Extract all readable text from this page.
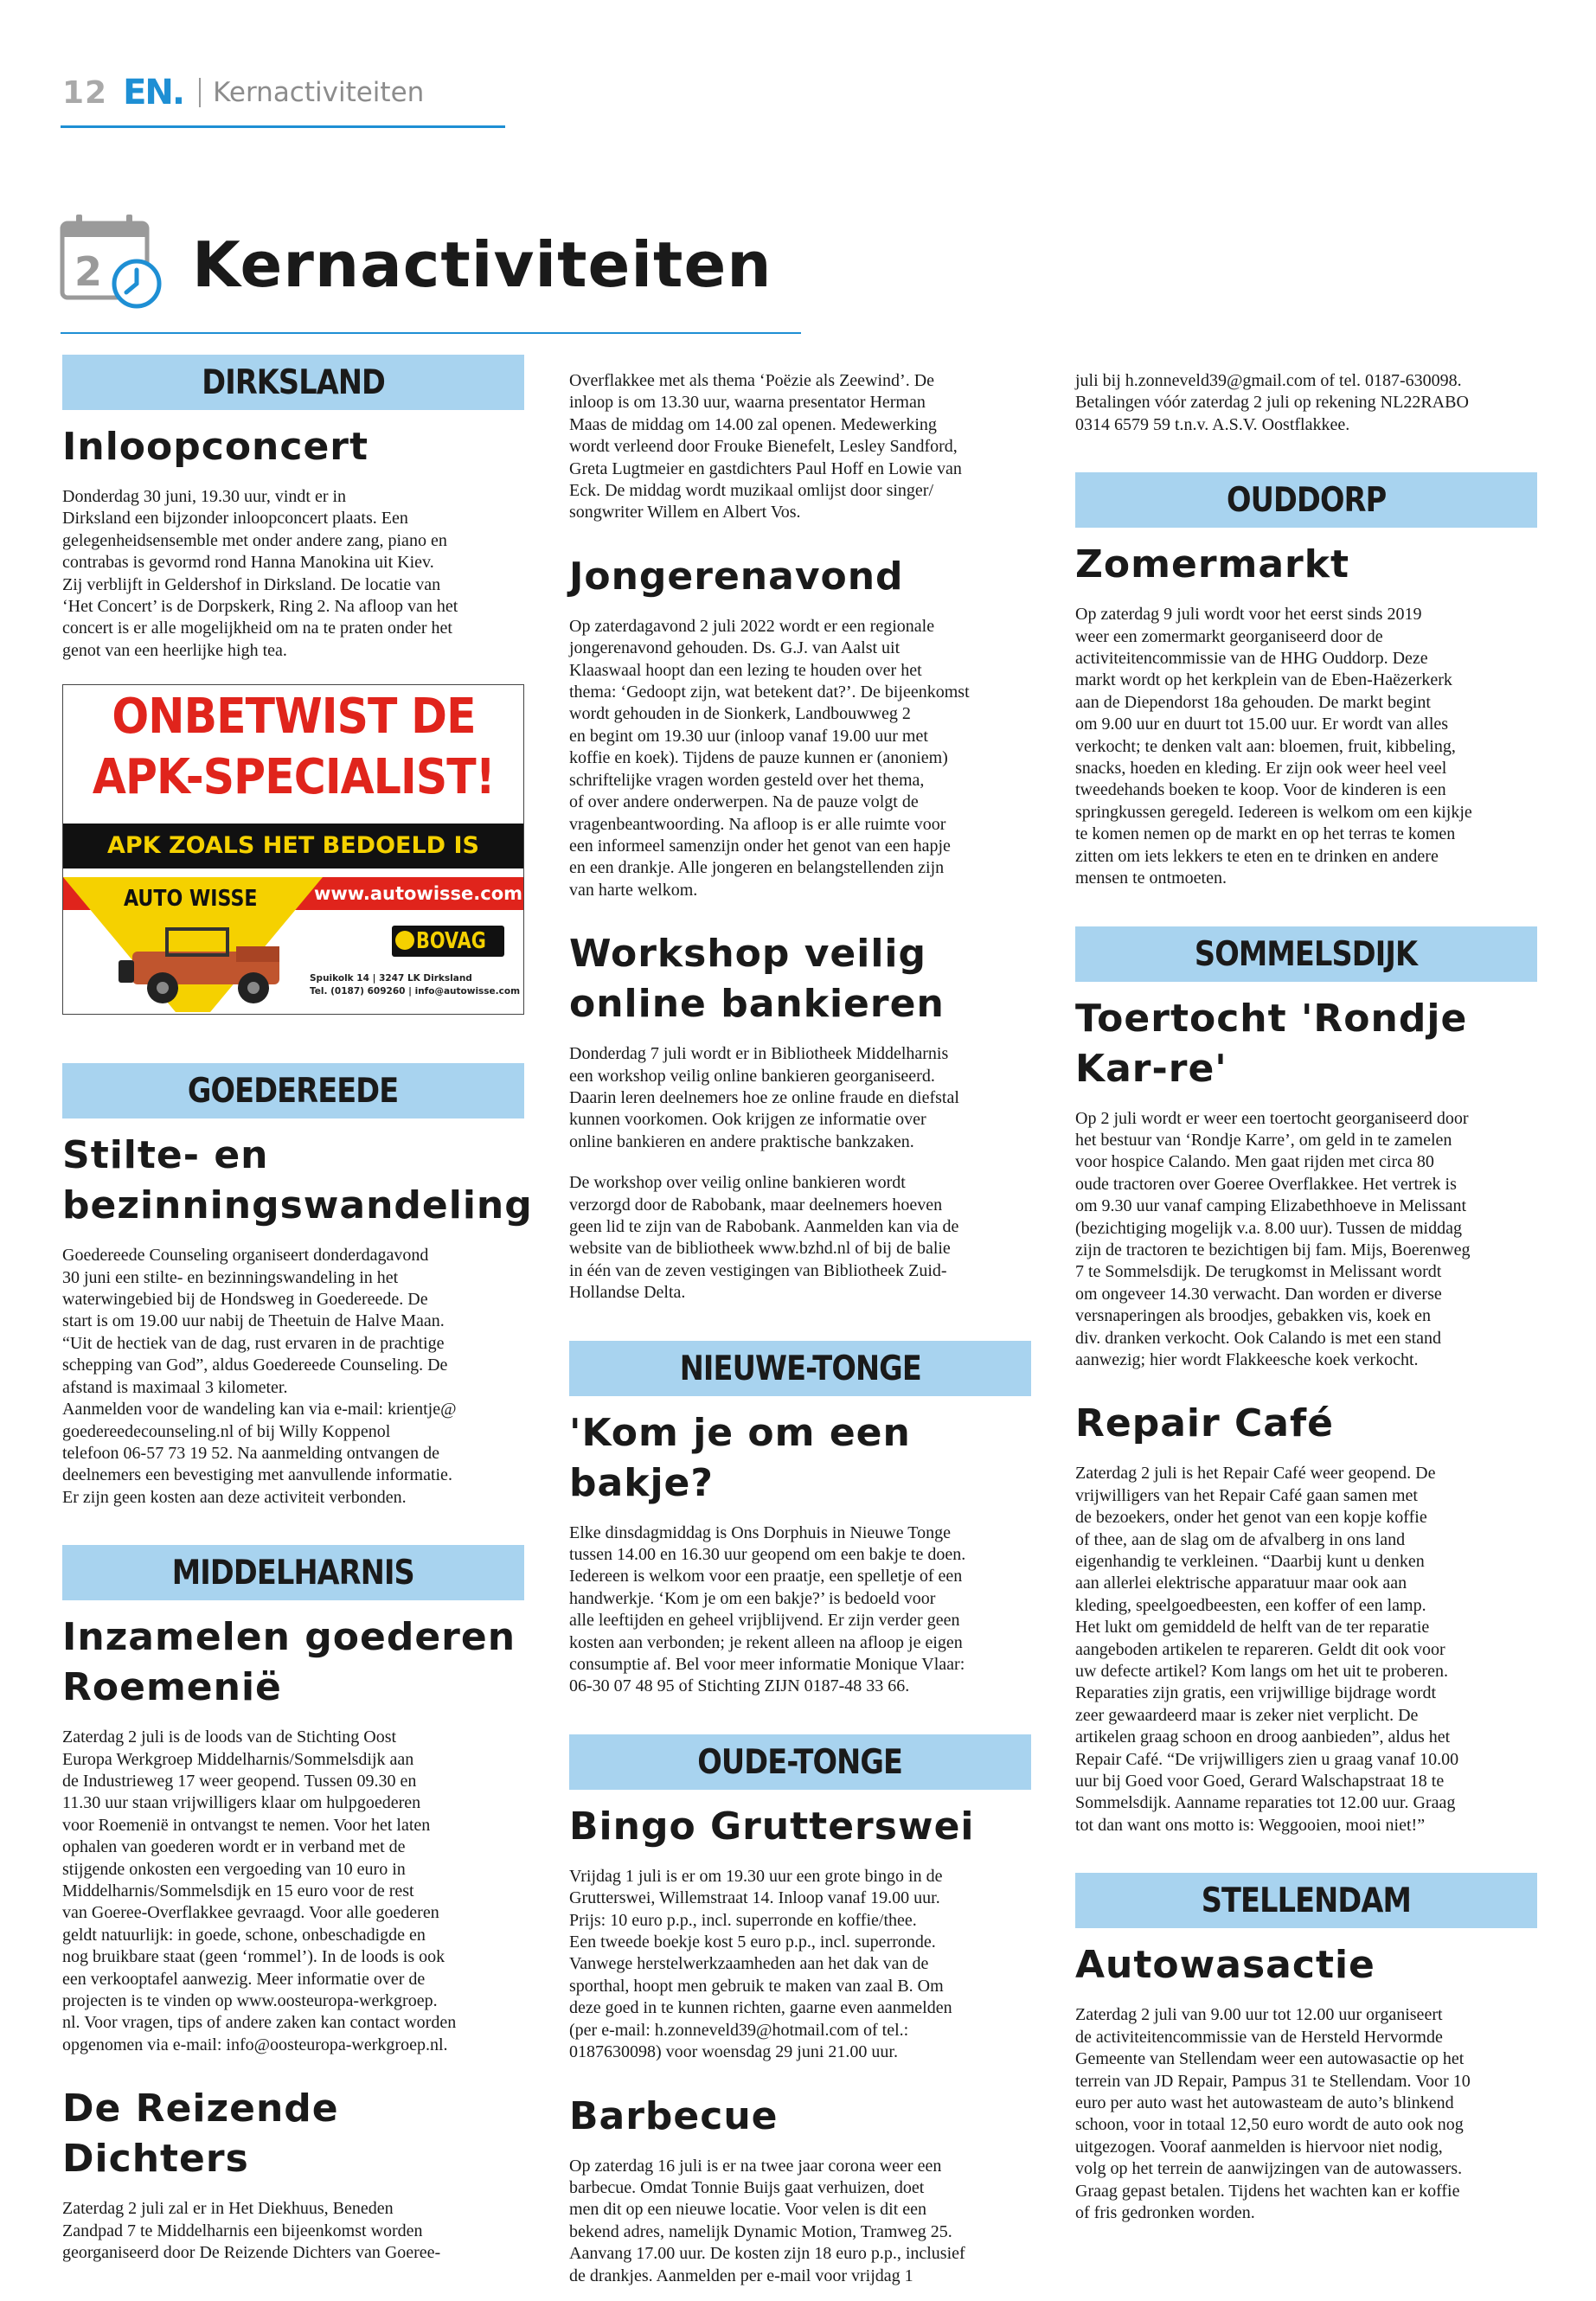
12 EN. Kernactiviteiten
2 Kernactiviteiten
DIRKSLAND
Inloopconcert

Donderdag 30 juni, 19.30 uur, vindt er in
Dirksland een bijzonder inloopconcert plaats. Een
gelegenheidsensemble met onder andere zang, piano en
contrabas is gevormd rond Hanna Manokina uit Kiev.
Zij verblijft in Geldershof in Dirksland. De locatie van
‘Het Concert’ is de Dorpskerk, Ring 2. Na afloop van het
concert is er alle mogelijkheid om na te praten onder het
genot van een heerlijke high tea.

ONBETWIST DE
APK-SPECIALIST!
APK ZOALS HET BEDOELD IS
AUTO WISSE	www.autowisse.com
BOVAG
Spuikolk 14 | 3247 LK Dirksland
Tel. (0187) 609260 | info@autowisse.com
GOEDEREEDE
Stilte- en bezinningswandeling

Goedereede Counseling organiseert donderdagavond
30 juni een stilte- en bezinningswandeling in het
waterwingebied bij de Hondsweg in Goedereede. De
start is om 19.00 uur nabij de Theetuin de Halve Maan.
“Uit de hectiek van de dag, rust ervaren in de prachtige
schepping van God”, aldus Goedereede Counseling. De
afstand is maximaal 3 kilometer.
Aanmelden voor de wandeling kan via e-mail: krientje@
goedereedecounseling.nl of bij Willy Koppenol
telefoon 06-57 73 19 52. Na aanmelding ontvangen de
deelnemers een bevestiging met aanvullende informatie.
Er zijn geen kosten aan deze activiteit verbonden.

MIDDELHARNIS
Inzamelen goederen Roemenië

Zaterdag 2 juli is de loods van de Stichting Oost
Europa Werkgroep Middelharnis/Sommelsdijk aan
de Industrieweg 17 weer geopend. Tussen 09.30 en
11.30 uur staan vrijwilligers klaar om hulpgoederen
voor Roemenië in ontvangst te nemen. Voor het laten
ophalen van goederen wordt er in verband met de
stijgende onkosten een vergoeding van 10 euro in
Middelharnis/Sommelsdijk en 15 euro voor de rest
van Goeree-Overflakkee gevraagd. Voor alle goederen
geldt natuurlijk: in goede, schone, onbeschadigde en
nog bruikbare staat (geen ‘rommel’). In de loods is ook
een verkooptafel aanwezig. Meer informatie over de
projecten is te vinden op www.oosteuropa-werkgroep.
nl. Voor vragen, tips of andere zaken kan contact worden
opgenomen via e-mail: info@oosteuropa-werkgroep.nl.

De Reizende Dichters

Zaterdag 2 juli zal er in Het Diekhuus, Beneden
Zandpad 7 te Middelharnis een bijeenkomst worden
georganiseerd door De Reizende Dichters van Goeree-

Overflakkee met als thema ‘Poëzie als Zeewind’. De
inloop is om 13.30 uur, waarna presentator Herman
Maas de middag om 14.00 zal openen. Medewerking
wordt verleend door Frouke Bienefelt, Lesley Sandford,
Greta Lugtmeier en gastdichters Paul Hoff en Lowie van
Eck. De middag wordt muzikaal omlijst door singer/
songwriter Willem en Albert Vos.

Jongerenavond

Op zaterdagavond 2 juli 2022 wordt er een regionale
jongerenavond gehouden. Ds. G.J. van Aalst uit
Klaaswaal hoopt dan een lezing te houden over het
thema: ‘Gedoopt zijn, wat betekent dat?’. De bijeenkomst
wordt gehouden in de Sionkerk, Landbouwweg 2
en begint om 19.30 uur (inloop vanaf 19.00 uur met
koffie en koek). Tijdens de pauze kunnen er (anoniem)
schriftelijke vragen worden gesteld over het thema,
of over andere onderwerpen. Na de pauze volgt de
vragenbeantwoording. Na afloop is er alle ruimte voor
een informeel samenzijn onder het genot van een hapje
en een drankje. Alle jongeren en belangstellenden zijn
van harte welkom.

Workshop veilig online bankieren

Donderdag 7 juli wordt er in Bibliotheek Middelharnis
een workshop veilig online bankieren georganiseerd.
Daarin leren deelnemers hoe ze online fraude en diefstal
kunnen voorkomen. Ook krijgen ze informatie over
online bankieren en andere praktische bankzaken.

De workshop over veilig online bankieren wordt
verzorgd door de Rabobank, maar deelnemers hoeven
geen lid te zijn van de Rabobank. Aanmelden kan via de
website van de bibliotheek www.bzhd.nl of bij de balie
in één van de zeven vestigingen van Bibliotheek Zuid-
Hollandse Delta.

NIEUWE-TONGE
'Kom je om een bakje?

Elke dinsdagmiddag is Ons Dorphuis in Nieuwe Tonge
tussen 14.00 en 16.30 uur geopend om een bakje te doen.
Iedereen is welkom voor een praatje, een spelletje of een
handwerkje. ‘Kom je om een bakje?’ is bedoeld voor
alle leeftijden en geheel vrijblijvend. Er zijn verder geen
kosten aan verbonden; je rekent alleen na afloop je eigen
consumptie af. Bel voor meer informatie Monique Vlaar:
06-30 07 48 95 of Stichting ZIJN 0187-48 33 66.

OUDE-TONGE
Bingo Grutterswei

Vrijdag 1 juli is er om 19.30 uur een grote bingo in de
Grutterswei, Willemstraat 14. Inloop vanaf 19.00 uur.
Prijs: 10 euro p.p., incl. superronde en koffie/thee.
Een tweede boekje kost 5 euro p.p., incl. superronde.
Vanwege herstelwerkzaamheden aan het dak van de
sporthal, hoopt men gebruik te maken van zaal B. Om
deze goed in te kunnen richten, gaarne even aanmelden
(per e-mail: h.zonneveld39@hotmail.com of tel.:
0187630098) voor woensdag 29 juni 21.00 uur.

Barbecue

Op zaterdag 16 juli is er na twee jaar corona weer een
barbecue. Omdat Tonnie Buijs gaat verhuizen, doet
men dit op een nieuwe locatie. Voor velen is dit een
bekend adres, namelijk Dynamic Motion, Tramweg 25.
Aanvang 17.00 uur. De kosten zijn 18 euro p.p., inclusief
de drankjes. Aanmelden per e-mail voor vrijdag 1

juli bij h.zonneveld39@gmail.com of tel. 0187-630098.
Betalingen vóór zaterdag 2 juli op rekening NL22RABO
0314 6579 59 t.n.v. A.S.V. Oostflakkee.

OUDDORP
Zomermarkt

Op zaterdag 9 juli wordt voor het eerst sinds 2019
weer een zomermarkt georganiseerd door de
activiteitencommissie van de HHG Ouddorp. Deze
markt wordt op het kerkplein van de Eben-Haëzerkerk
aan de Diependorst 18a gehouden. De markt begint
om 9.00 uur en duurt tot 15.00 uur. Er wordt van alles
verkocht; te denken valt aan: bloemen, fruit, kibbeling,
snacks, hoeden en kleding. Er zijn ook weer heel veel
tweedehands boeken te koop. Voor de kinderen is een
springkussen geregeld. Iedereen is welkom om een kijkje
te komen nemen op de markt en op het terras te komen
zitten om iets lekkers te eten en te drinken en andere
mensen te ontmoeten.

SOMMELSDIJK
Toertocht 'Rondje Kar-re'

Op 2 juli wordt er weer een toertocht georganiseerd door
het bestuur van ‘Rondje Karre’, om geld in te zamelen
voor hospice Calando. Men gaat rijden met circa 80
oude tractoren over Goeree Overflakkee. Het vertrek is
om 9.30 uur vanaf camping Elizabethhoeve in Melissant
(bezichtiging mogelijk v.a. 8.00 uur). Tussen de middag
zijn de tractoren te bezichtigen bij fam. Mijs, Boerenweg
7 te Sommelsdijk. De terugkomst in Melissant wordt
om ongeveer 14.30 verwacht. Dan worden er diverse
versnaperingen als broodjes, gebakken vis, koek en
div. dranken verkocht. Ook Calando is met een stand
aanwezig; hier wordt Flakkeesche koek verkocht.

Repair Café

Zaterdag 2 juli is het Repair Café weer geopend. De
vrijwilligers van het Repair Café gaan samen met
de bezoekers, onder het genot van een kopje koffie
of thee, aan de slag om de afvalberg in ons land
eigenhandig te verkleinen. “Daarbij kunt u denken
aan allerlei elektrische apparatuur maar ook aan
kleding, speelgoedbeesten, een koffer of een lamp.
Het lukt om gemiddeld de helft van de ter reparatie
aangeboden artikelen te repareren. Geldt dit ook voor
uw defecte artikel? Kom langs om het uit te proberen.
Reparaties zijn gratis, een vrijwillige bijdrage wordt
zeer gewaardeerd maar is zeker niet verplicht. De
artikelen graag schoon en droog aanbieden”, aldus het
Repair Café. “De vrijwilligers zien u graag vanaf 10.00
uur bij Goed voor Goed, Gerard Walschapstraat 18 te
Sommelsdijk. Aanname reparaties tot 12.00 uur. Graag
tot dan want ons motto is: Weggooien, mooi niet!”

STELLENDAM
Autowasactie

Zaterdag 2 juli van 9.00 uur tot 12.00 uur organiseert
de activiteitencommissie van de Hersteld Hervormde
Gemeente van Stellendam weer een autowasactie op het
terrein van JD Repair, Pampus 31 te Stellendam. Voor 10
euro per auto wast het autowasteam de auto’s blinkend
schoon, voor in totaal 12,50 euro wordt de auto ook nog
uitgezogen. Vooraf aanmelden is hiervoor niet nodig,
volg op het terrein de aanwijzingen van de autowassers.
Graag gepast betalen. Tijdens het wachten kan er koffie
of fris gedronken worden.
